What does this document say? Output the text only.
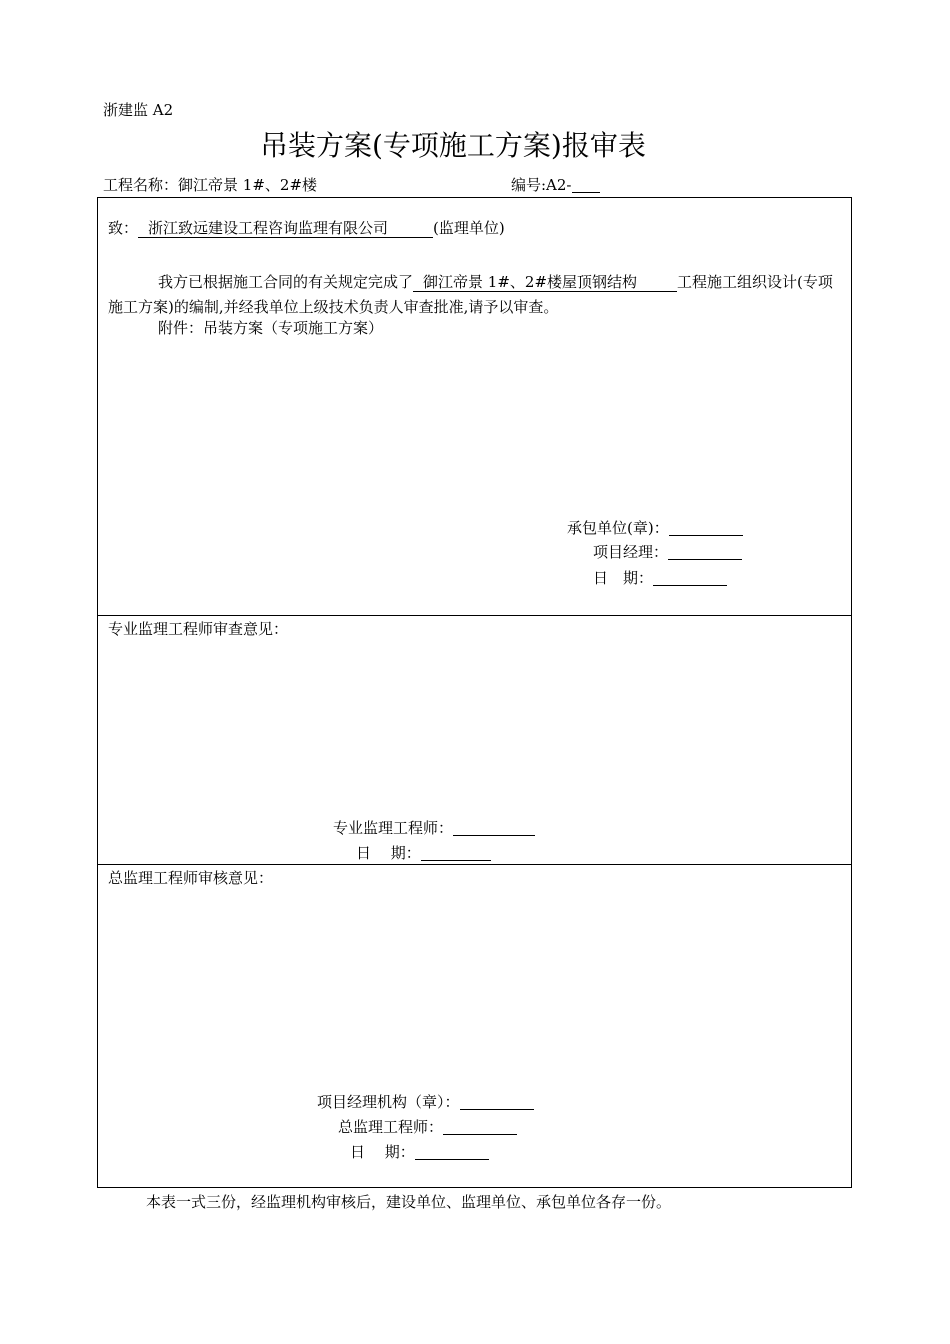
浙建监 A2
吊装方案(专项施工方案)报审表
工程名称：御江帝景 1#、2#楼	编号:A2-
致： 浙江致远建设工程咨询监理有限公司	(监理单位)
我方已根据施工合同的有关规定完成了 御江帝景 1#、2#楼屋顶钢结构	工程施工组织设计(专项施工方案)的编制,并经我单位上级技术负责人审查批准,请予以审查。
附件：吊装方案（专项施工方案）
承包单位(章)：
项目经理：
日　期：
专业监理工程师审查意见：
专业监理工程师：
日　 期：
总监理工程师审核意见：
项目经理机构（章）：
总监理工程师：
日　 期：
本表一式三份，经监理机构审核后，建设单位、监理单位、承包单位各存一份。
